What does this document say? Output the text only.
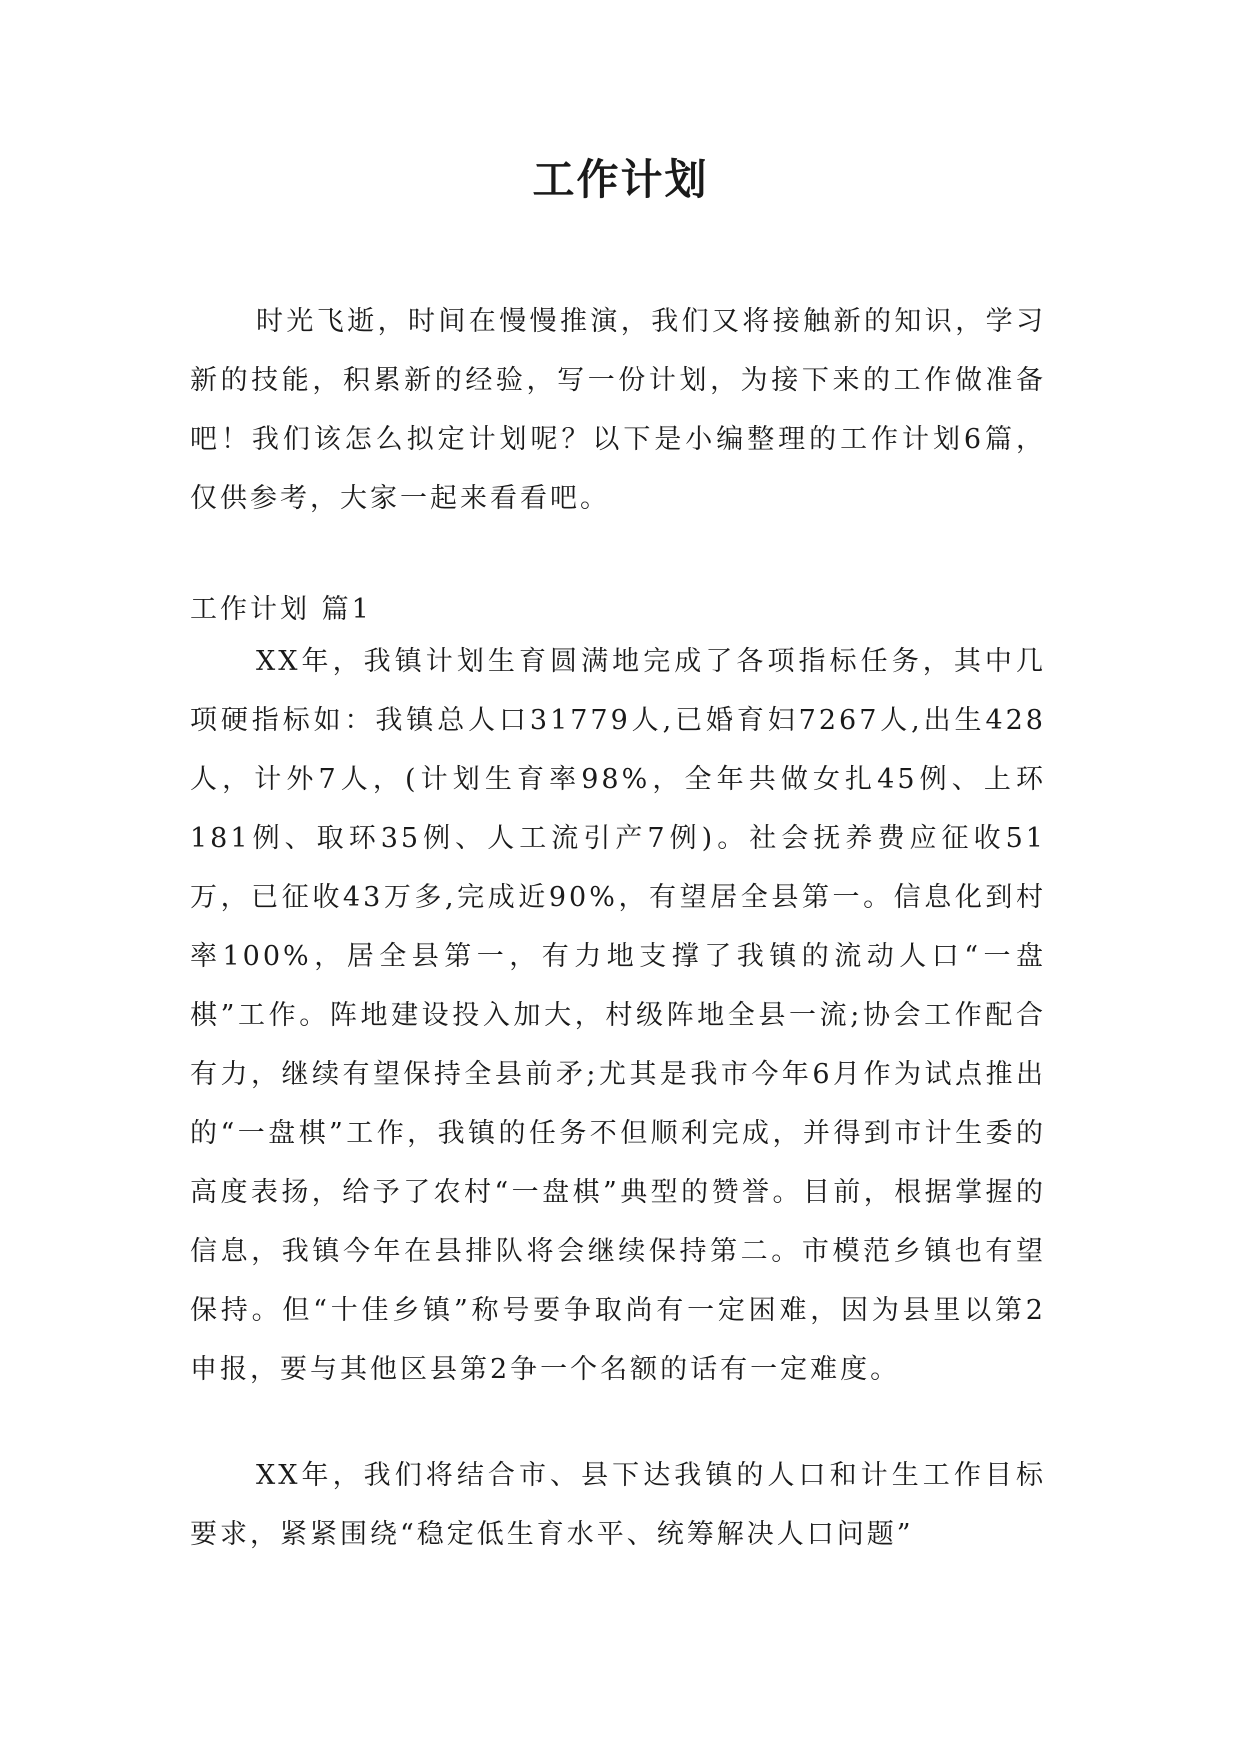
工作计划

时光飞逝，时间在慢慢推演，我们又将接触新的知识，学习新的技能，积累新的经验，写一份计划，为接下来的工作做准备吧！我们该怎么拟定计划呢？以下是小编整理的工作计划6篇，仅供参考，大家一起来看看吧。

工作计划 篇1

XX年，我镇计划生育圆满地完成了各项指标任务，其中几项硬指标如：我镇总人口31779人,已婚育妇7267人,出生428人，计外7人，(计划生育率98%，全年共做女扎45例、上环181例、取环35例、人工流引产7例)。社会抚养费应征收51万，已征收43万多,完成近90%，有望居全县第一。信息化到村率100%，居全县第一，有力地支撑了我镇的流动人口“一盘棋”工作。阵地建设投入加大，村级阵地全县一流;协会工作配合有力，继续有望保持全县前矛;尤其是我市今年6月作为试点推出的“一盘棋”工作，我镇的任务不但顺利完成，并得到市计生委的高度表扬，给予了农村“一盘棋”典型的赞誉。目前，根据掌握的信息，我镇今年在县排队将会继续保持第二。市模范乡镇也有望保持。但“十佳乡镇”称号要争取尚有一定困难，因为县里以第2申报，要与其他区县第2争一个名额的话有一定难度。

XX年，我们将结合市、县下达我镇的人口和计生工作目标要求，紧紧围绕“稳定低生育水平、统筹解决人口问题”
